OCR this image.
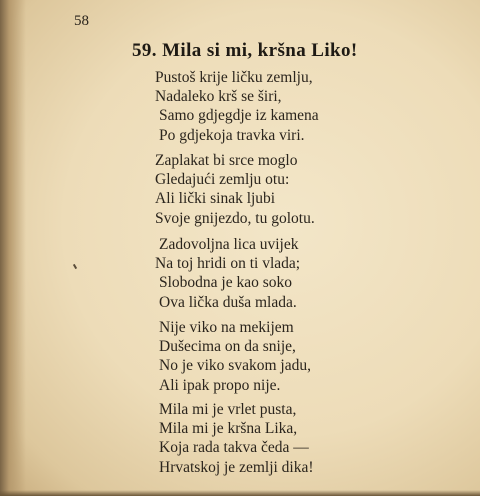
58
59. Mila si mi, kršna Liko!
Pustoš krije ličku zemlju,
Nadaleko krš se širi,
Samo gdjegdje iz kamena
Po gdjekoja travka viri.
Zaplakat bi srce moglo
Gledajući zemlju otu:
Ali lički sinak ljubi
Svoje gnijezdo, tu golotu.
Zadovoljna lica uvijek
Na toj hridi on ti vlada;
Slobodna je kao soko
Ova lička duša mlada.
Nije viko na mekijem
Dušecima on da snije,
No je viko svakom jadu,
Ali ipak propo nije.
Mila mi je vrlet pusta,
Mila mi je kršna Lika,
Koja rada takva čeda —
Hrvatskoj je zemlji dika!
